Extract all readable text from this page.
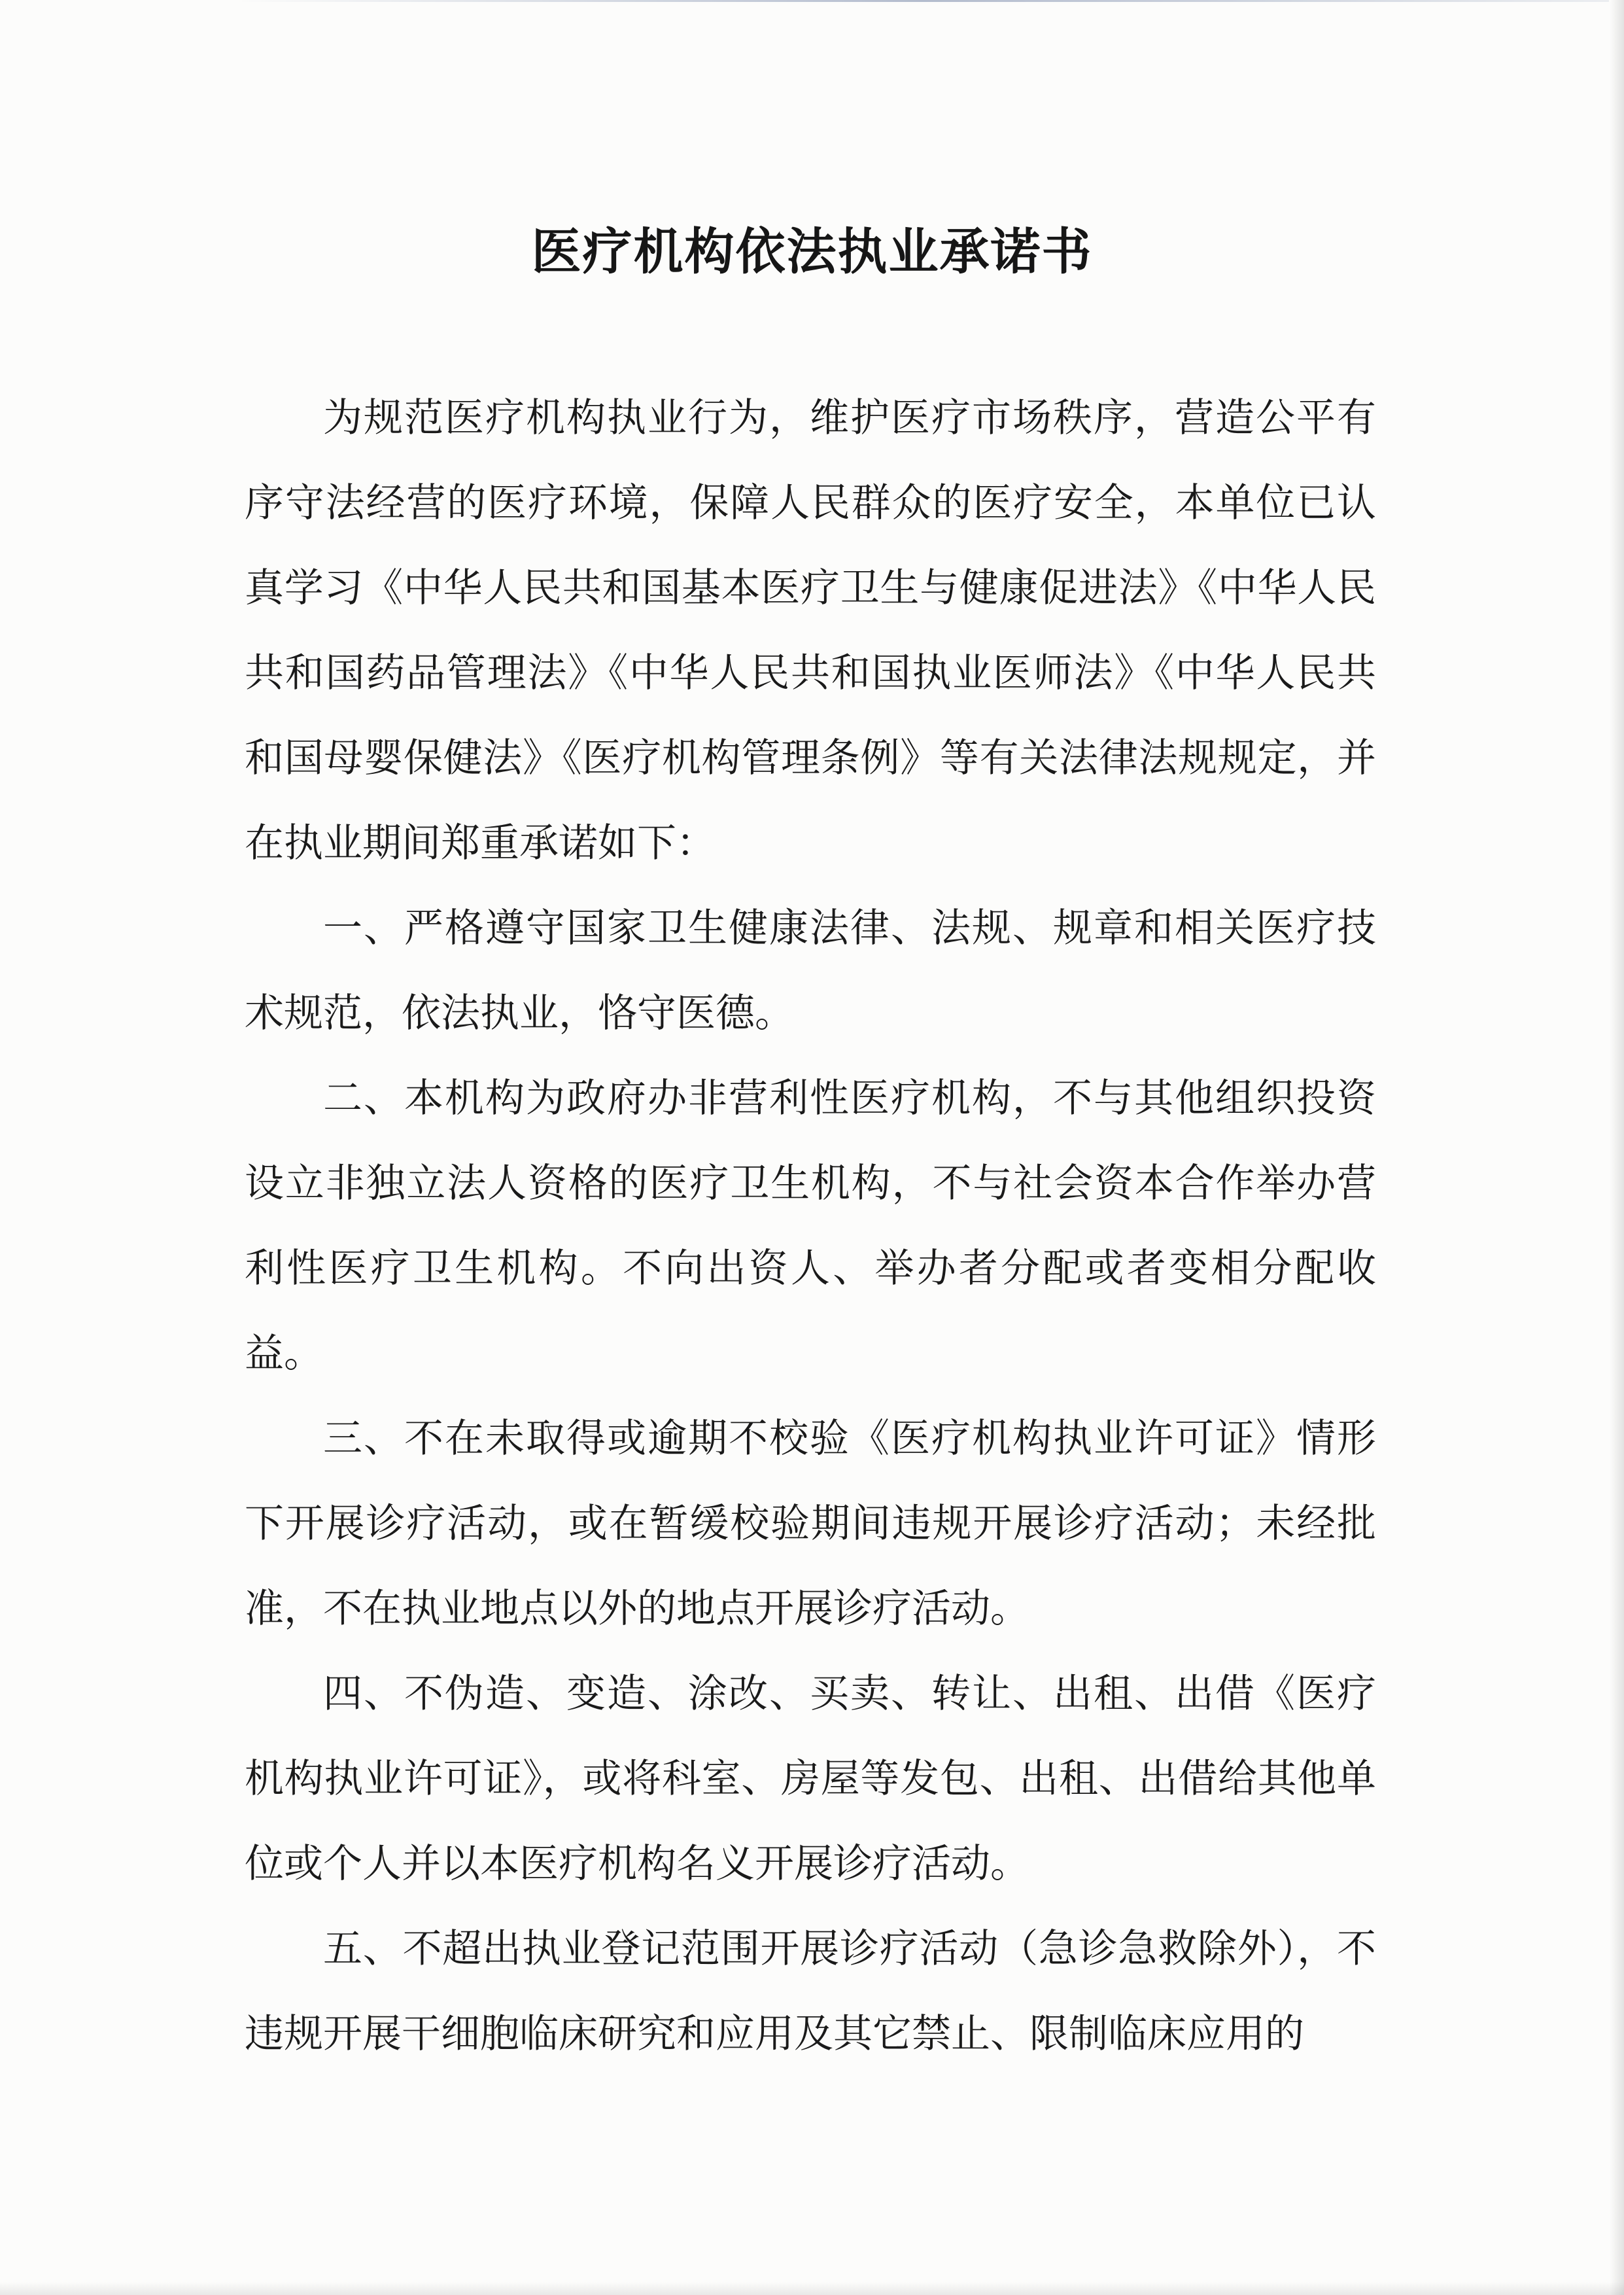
医疗机构依法执业承诺书

为规范医疗机构执业行为，维护医疗市场秩序，营造公平有序守法经营的医疗环境，保障人民群众的医疗安全，本单位已认真学习《中华人民共和国基本医疗卫生与健康促进法》《中华人民共和国药品管理法》《中华人民共和国执业医师法》《中华人民共和国母婴保健法》《医疗机构管理条例》等有关法律法规规定，并在执业期间郑重承诺如下：

一、严格遵守国家卫生健康法律、法规、规章和相关医疗技术规范，依法执业，恪守医德。

二、本机构为政府办非营利性医疗机构，不与其他组织投资设立非独立法人资格的医疗卫生机构，不与社会资本合作举办营利性医疗卫生机构。不向出资人、举办者分配或者变相分配收益。

三、不在未取得或逾期不校验《医疗机构执业许可证》情形下开展诊疗活动，或在暂缓校验期间违规开展诊疗活动；未经批准，不在执业地点以外的地点开展诊疗活动。

四、不伪造、变造、涂改、买卖、转让、出租、出借《医疗机构执业许可证》，或将科室、房屋等发包、出租、出借给其他单位或个人并以本医疗机构名义开展诊疗活动。

五、不超出执业登记范围开展诊疗活动（急诊急救除外），不违规开展干细胞临床研究和应用及其它禁止、限制临床应用的
